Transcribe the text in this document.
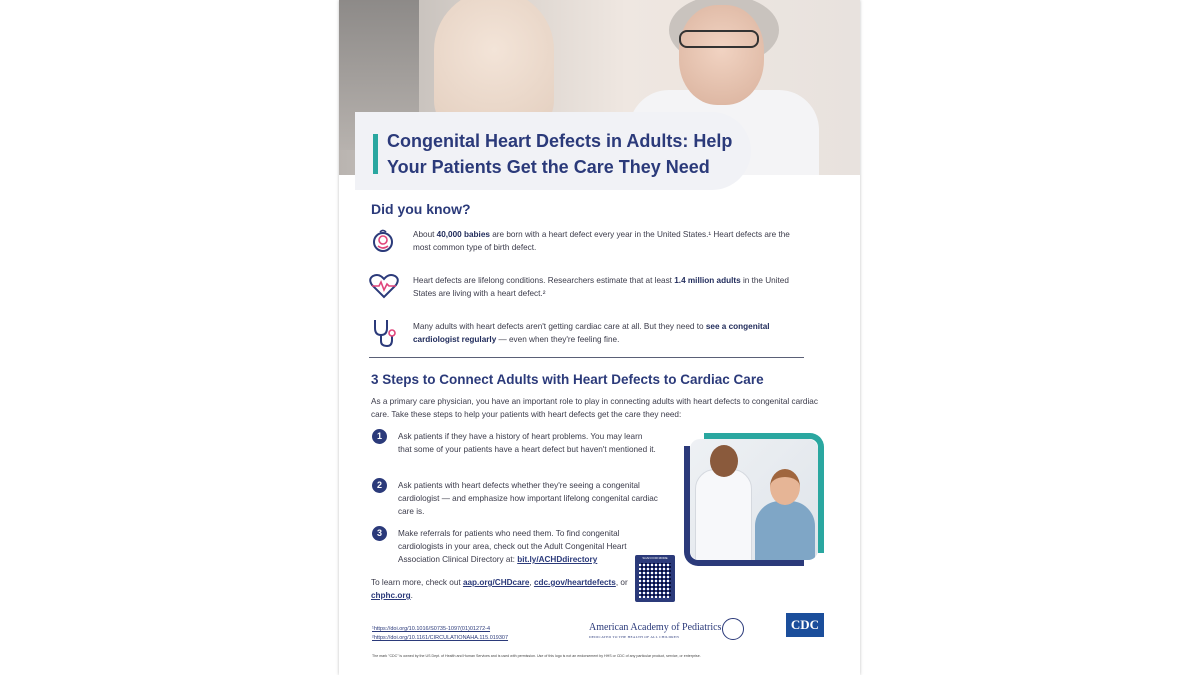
Congenital Heart Defects in Adults: Help Your Patients Get the Care They Need
Did you know?
About 40,000 babies are born with a heart defect every year in the United States.¹ Heart defects are the most common type of birth defect.
Heart defects are lifelong conditions. Researchers estimate that at least 1.4 million adults in the United States are living with a heart defect.²
Many adults with heart defects aren't getting cardiac care at all. But they need to see a congenital cardiologist regularly — even when they're feeling fine.
3 Steps to Connect Adults with Heart Defects to Cardiac Care
As a primary care physician, you have an important role to play in connecting adults with heart defects to congenital cardiac care. Take these steps to help your patients with heart defects get the care they need:
1	Ask patients if they have a history of heart problems. You may learn that some of your patients have a heart defect but haven't mentioned it.
2	Ask patients with heart defects whether they're seeing a congenital cardiologist — and emphasize how important lifelong congenital cardiac care is.
3	Make referrals for patients who need them. To find congenital cardiologists in your area, check out the Adult Congenital Heart Association Clinical Directory at: bit.ly/ACHDdirectory	SCAN FOR MORE
To learn more, check out aap.org/CHDcare, cdc.gov/heartdefects, or chphc.org.
¹https://doi.org/10.1016/S0735-1097(01)01272-4
²https://doi.org/10.1161/CIRCULATIONAHA.115.019307
American Academy of Pediatrics
DEDICATED TO THE HEALTH OF ALL CHILDREN
CDC
The mark "CDC" is owned by the US Dept. of Health and Human Services and is used with permission. Use of this logo is not an endorsement by HHS or CDC of any particular product, service, or enterprise.
